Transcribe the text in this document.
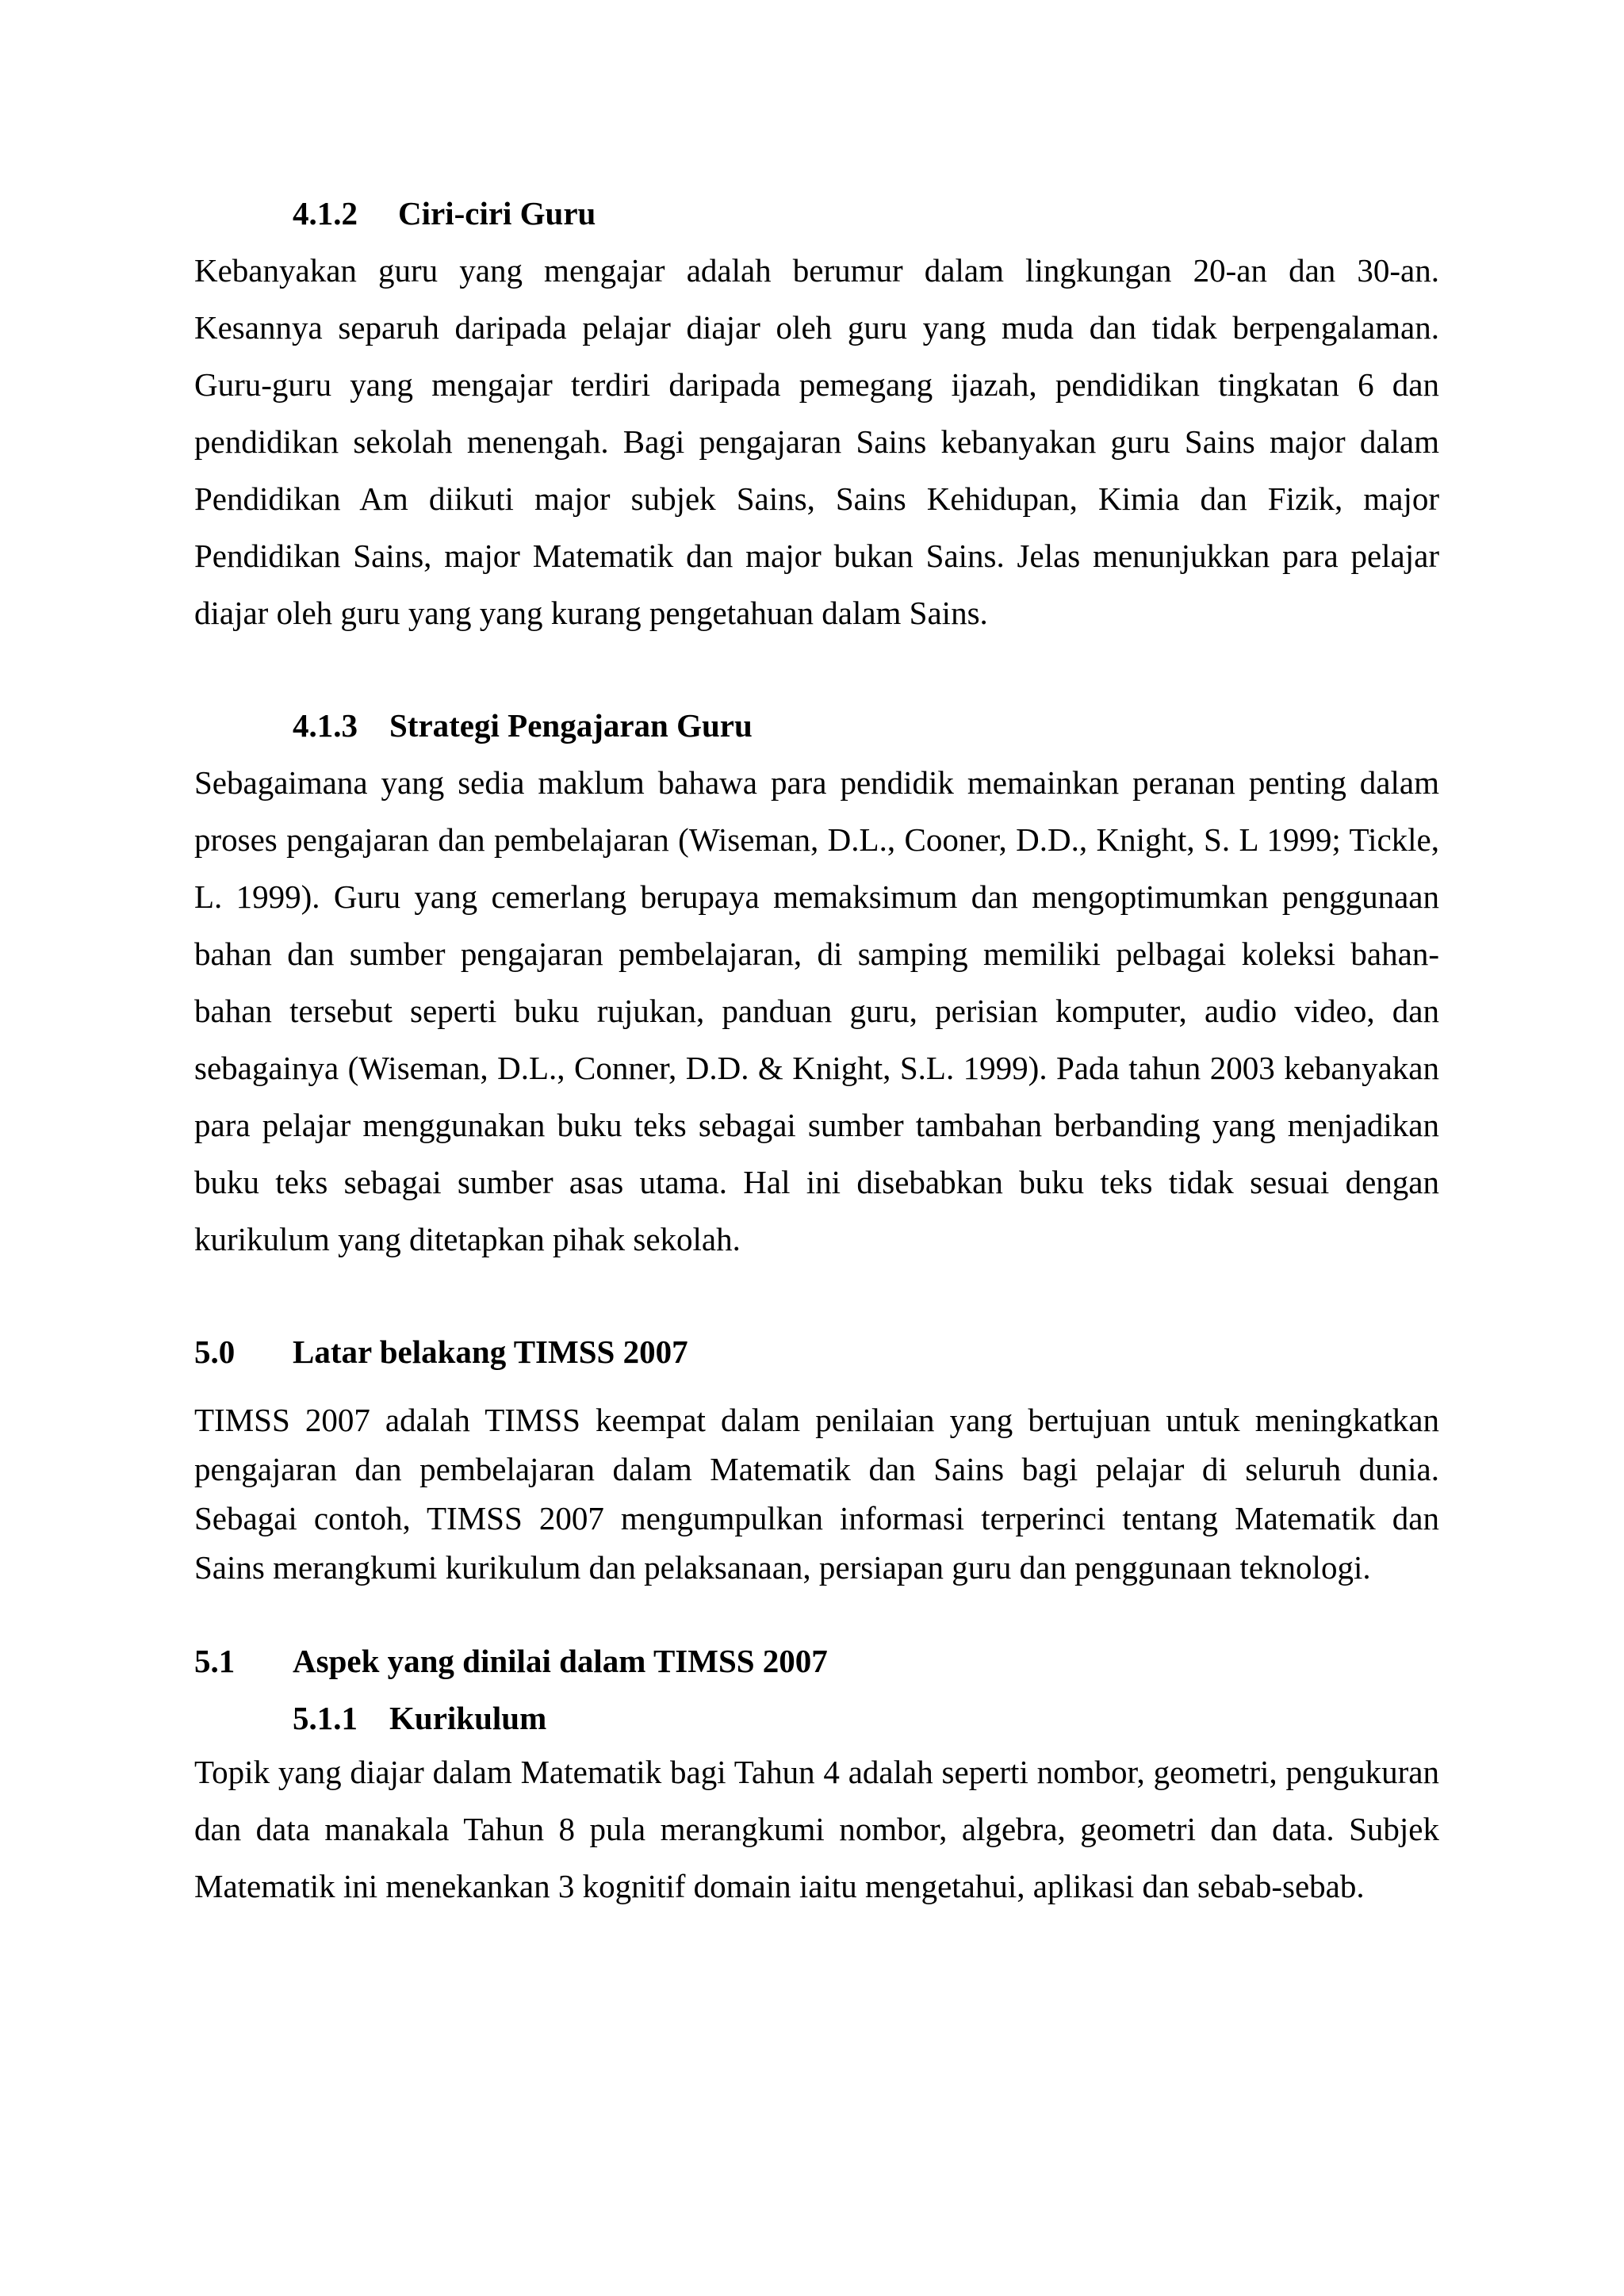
4.1.2 Ciri-ciri Guru

Kebanyakan guru yang mengajar adalah berumur dalam lingkungan 20-an dan 30-an. Kesannya separuh daripada pelajar diajar oleh guru yang muda dan tidak berpengalaman. Guru-guru yang mengajar terdiri daripada pemegang ijazah, pendidikan tingkatan 6 dan pendidikan sekolah menengah. Bagi pengajaran Sains kebanyakan guru Sains major dalam Pendidikan Am diikuti major subjek Sains, Sains Kehidupan, Kimia dan Fizik, major Pendidikan Sains, major Matematik dan major bukan Sains. Jelas menunjukkan para pelajar diajar oleh guru yang yang kurang pengetahuan dalam Sains.

4.1.3 Strategi Pengajaran Guru

Sebagaimana yang sedia maklum bahawa para pendidik memainkan peranan penting dalam proses pengajaran dan pembelajaran (Wiseman, D.L., Cooner, D.D., Knight, S. L 1999; Tickle, L. 1999). Guru yang cemerlang berupaya memaksimum dan mengoptimumkan penggunaan bahan dan sumber pengajaran pembelajaran, di samping memiliki pelbagai koleksi bahan-bahan tersebut seperti buku rujukan, panduan guru, perisian komputer, audio video, dan sebagainya (Wiseman, D.L., Conner, D.D. & Knight, S.L. 1999). Pada tahun 2003 kebanyakan para pelajar menggunakan buku teks sebagai sumber tambahan berbanding yang menjadikan buku teks sebagai sumber asas utama. Hal ini disebabkan buku teks tidak sesuai dengan kurikulum yang ditetapkan pihak sekolah.

5.0 Latar belakang TIMSS 2007

TIMSS 2007 adalah TIMSS keempat dalam penilaian yang bertujuan untuk meningkatkan pengajaran dan pembelajaran dalam Matematik dan Sains bagi pelajar di seluruh dunia. Sebagai contoh, TIMSS 2007 mengumpulkan informasi terperinci tentang Matematik dan Sains merangkumi kurikulum dan pelaksanaan, persiapan guru dan penggunaan teknologi.

5.1 Aspek yang dinilai dalam TIMSS 2007
5.1.1 Kurikulum

Topik yang diajar dalam Matematik bagi Tahun 4 adalah seperti nombor, geometri, pengukuran dan data manakala Tahun 8 pula merangkumi nombor, algebra, geometri dan data. Subjek Matematik ini menekankan 3 kognitif domain iaitu mengetahui, aplikasi dan sebab-sebab.
